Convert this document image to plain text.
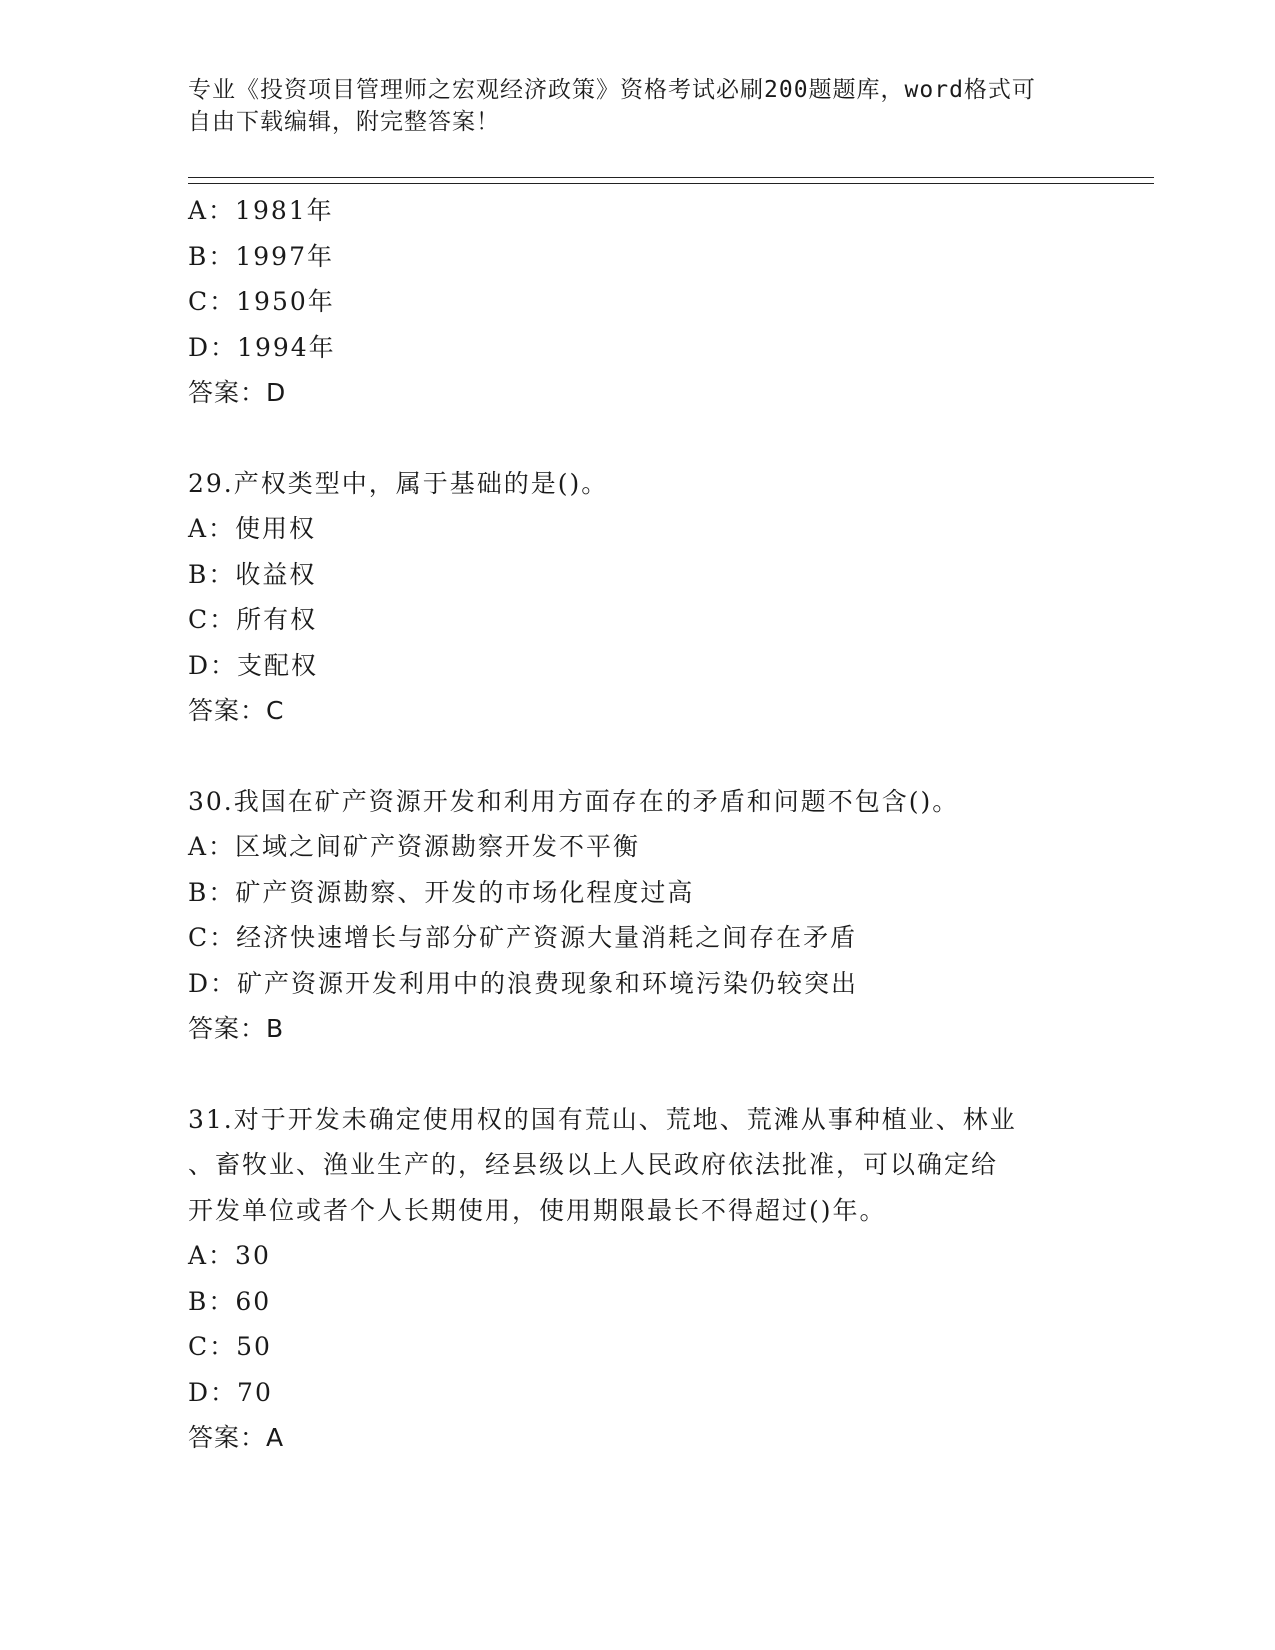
专业《投资项目管理师之宏观经济政策》资格考试必刷200题题库，word格式可
自由下载编辑，附完整答案！
A：1981年
B：1997年
C：1950年
D：1994年
答案：D
29.产权类型中，属于基础的是()。
A：使用权
B：收益权
C：所有权
D：支配权
答案：C
30.我国在矿产资源开发和利用方面存在的矛盾和问题不包含()。
A：区域之间矿产资源勘察开发不平衡
B：矿产资源勘察、开发的市场化程度过高
C：经济快速增长与部分矿产资源大量消耗之间存在矛盾
D：矿产资源开发利用中的浪费现象和环境污染仍较突出
答案：B
31.对于开发未确定使用权的国有荒山、荒地、荒滩从事种植业、林业
、畜牧业、渔业生产的，经县级以上人民政府依法批准，可以确定给
开发单位或者个人长期使用，使用期限最长不得超过()年。
A：30
B：60
C：50
D：70
答案：A
